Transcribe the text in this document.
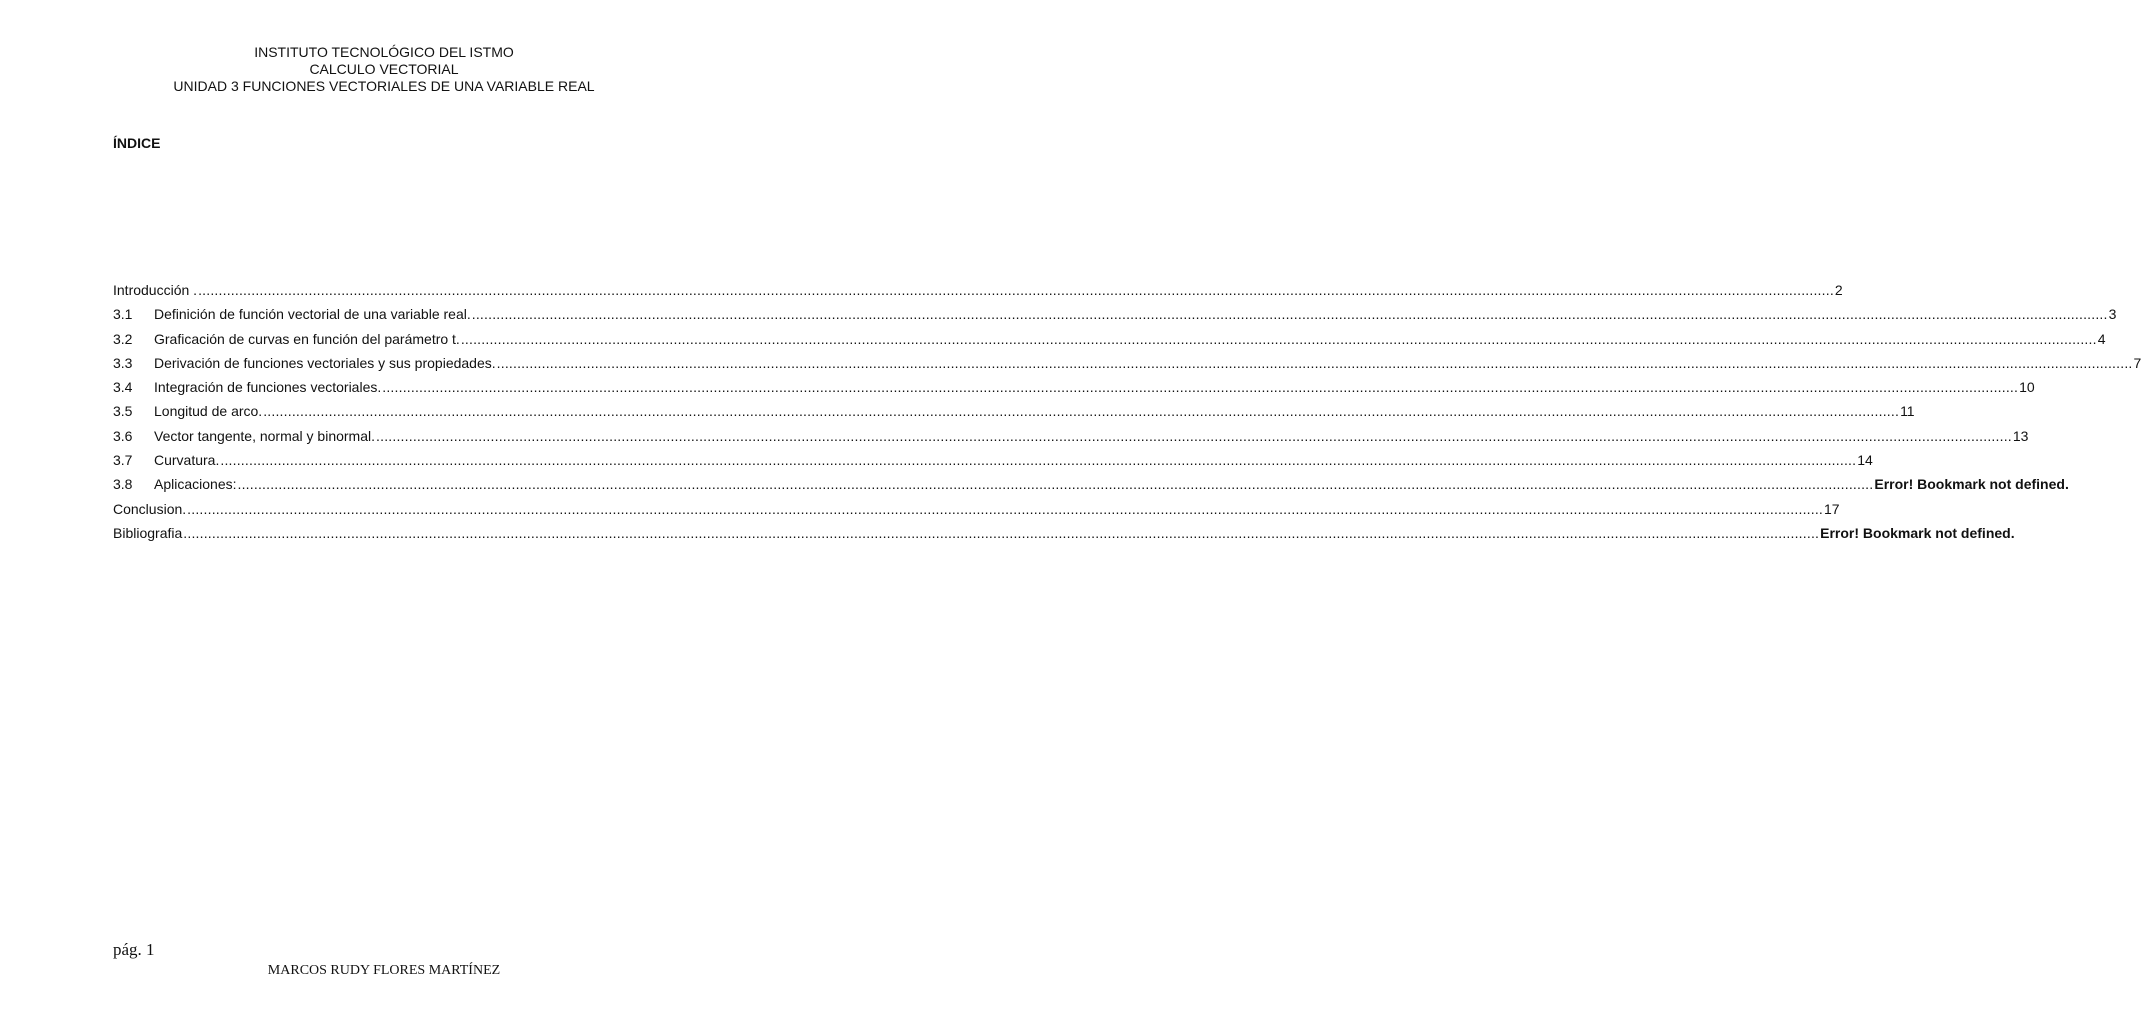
INSTITUTO TECNOLÓGICO DEL ISTMO
CALCULO VECTORIAL
UNIDAD 3 FUNCIONES VECTORIALES DE UNA VARIABLE REAL
ÍNDICE
Introducción . ................................................................................................................................................................................................................................................................................................................................................................................................................ 2
3.1	Definición de función vectorial de una variable real. ................................................................................................................................................................................................................................................................................................................................................................................................................ 3
3.2	Graficación de curvas en función del parámetro t. ................................................................................................................................................................................................................................................................................................................................................................................................................ 4
3.3	Derivación de funciones vectoriales y sus propiedades. ................................................................................................................................................................................................................................................................................................................................................................................................................ 7
3.4	Integración de funciones vectoriales. ................................................................................................................................................................................................................................................................................................................................................................................................................ 10
3.5	Longitud de arco. ................................................................................................................................................................................................................................................................................................................................................................................................................ 11
3.6	Vector tangente, normal y binormal. ................................................................................................................................................................................................................................................................................................................................................................................................................ 13
3.7	Curvatura. ................................................................................................................................................................................................................................................................................................................................................................................................................ 14
3.8	Aplicaciones: ................................................................................................................................................................................................................................................................................................................................................................................................................ Error! Bookmark not defined.
Conclusion. ................................................................................................................................................................................................................................................................................................................................................................................................................ 17
Bibliografia ................................................................................................................................................................................................................................................................................................................................................................................................................ Error! Bookmark not defined.
pág. 1
MARCOS RUDY FLORES MARTÍNEZ
